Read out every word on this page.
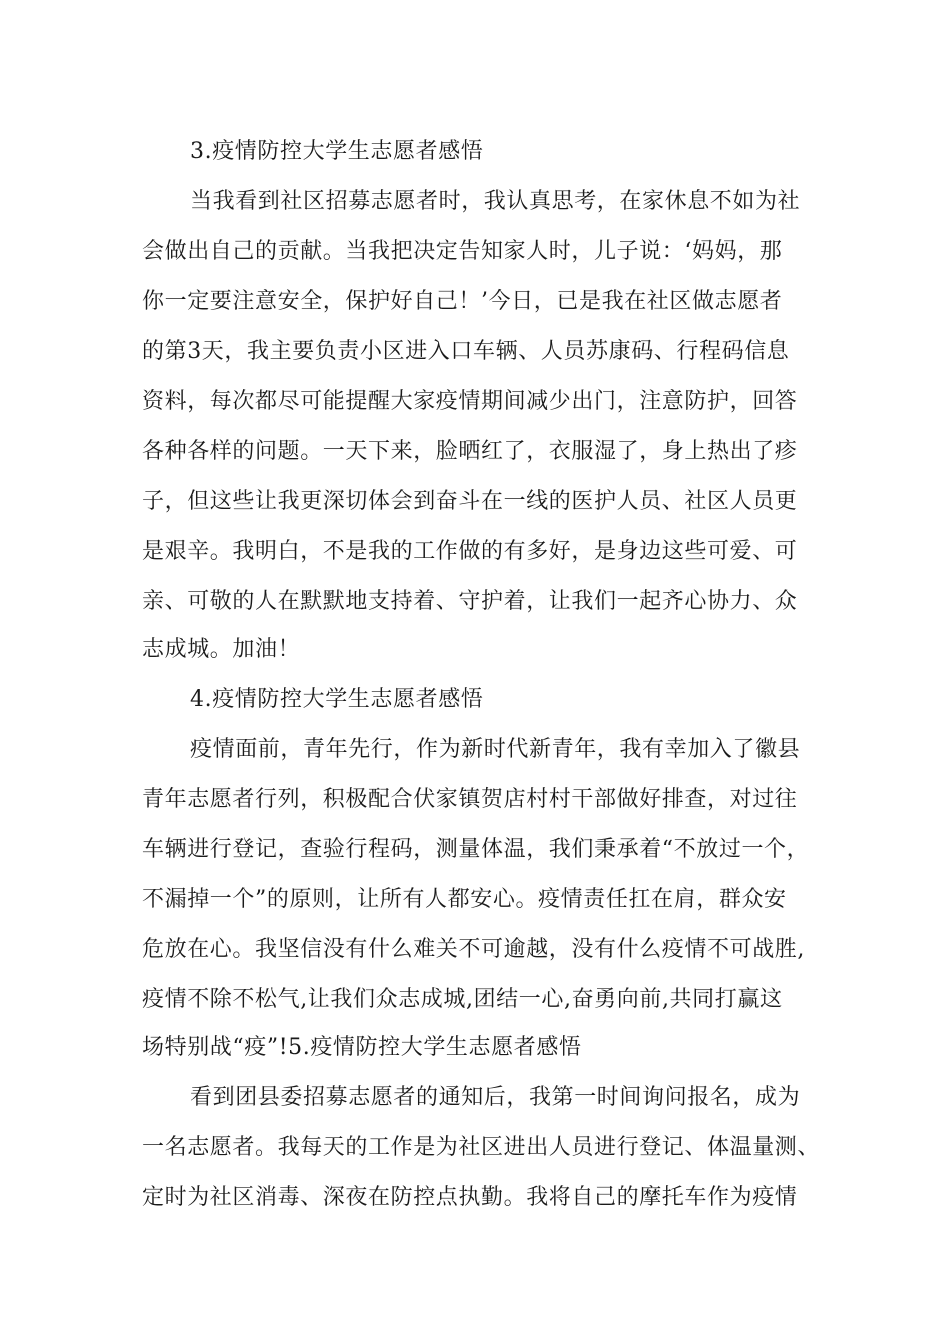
3.疫情防控大学生志愿者感悟
当我看到社区招募志愿者时，我认真思考，在家休息不如为社
会做出自己的贡献。当我把决定告知家人时，儿子说：‘妈妈，那
你一定要注意安全，保护好自己！’今日，已是我在社区做志愿者
的第3天，我主要负责小区进入口车辆、人员苏康码、行程码信息
资料，每次都尽可能提醒大家疫情期间减少出门，注意防护，回答
各种各样的问题。一天下来，脸晒红了，衣服湿了，身上热出了疹
子，但这些让我更深切体会到奋斗在一线的医护人员、社区人员更
是艰辛。我明白，不是我的工作做的有多好，是身边这些可爱、可
亲、可敬的人在默默地支持着、守护着，让我们一起齐心协力、众
志成城。加油！
4.疫情防控大学生志愿者感悟
疫情面前，青年先行，作为新时代新青年，我有幸加入了徽县
青年志愿者行列，积极配合伏家镇贺店村村干部做好排查，对过往
车辆进行登记，查验行程码，测量体温，我们秉承着“不放过一个，
不漏掉一个”的原则，让所有人都安心。疫情责任扛在肩，群众安
危放在心。我坚信没有什么难关不可逾越，没有什么疫情不可战胜,
疫情不除不松气,让我们众志成城,团结一心,奋勇向前,共同打赢这
场特别战“疫”!5.疫情防控大学生志愿者感悟
看到团县委招募志愿者的通知后，我第一时间询问报名，成为
一名志愿者。我每天的工作是为社区进出人员进行登记、体温量测、
定时为社区消毒、深夜在防控点执勤。我将自己的摩托车作为疫情
